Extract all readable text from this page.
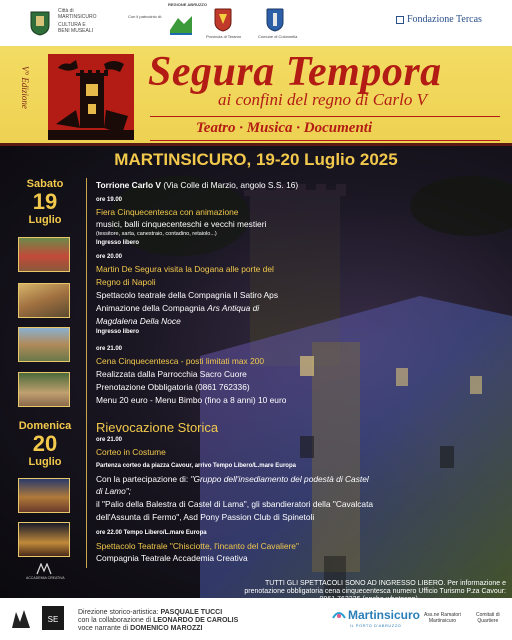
Città di
MARTINSICURO
CULTURA E
BENI MUSEALI
Con il patrocinio di:
REGIONE ABRUZZO
Provincia di Teramo	Comune di Colonnella
Fondazione Tercas
V° Edizione	Segura Tempora
ai confini del regno di Carlo V
Teatro · Musica · Documenti
MARTINSICURO, 19-20 Luglio 2025
Sabato
19
Luglio
Torrione Carlo V (Via Colle di Marzio, angolo S.S. 16)
ore 19.00
Fiera Cinquecentesca con animazione
musici, balli cinquecenteschi e vecchi mestieri
(tessitore, sarta, canestraio, contadino, retaiolo...)
Ingresso libero
ore 20.00
Martin De Segura visita la Dogana alle porte del
Regno di Napoli
Spettacolo teatrale della Compagnia Il Satiro Aps
Animazione della Compagnia Ars Antiqua di
Magdalena Della Noce
Ingresso libero
ore 21.00
Cena Cinquecentesca - posti limitati max 200
Realizzata dalla Parrocchia Sacro Cuore
Prenotazione Obbligatoria (0861 762336)
Menu 20 euro - Menu Bimbo (fino a 8 anni) 10 euro
Domenica
20
Luglio
ACCADEMIA CREATIVA
Rievocazione Storica
ore 21.00
Corteo in Costume
Partenza corteo da piazza Cavour, arrivo Tempo Libero/L.mare Europa
Con la partecipazione di: "Gruppo dell'insediamento del podestà di Castel
di Lamo";
il "Palio della Balestra di Castel di Lama", gli sbandieratori della "Cavalcata
dell'Assunta di Fermo", Asd Pony Passion Club di Spinetoli
ore 22.00 Tempo Libero/L.mare Europa
Spettacolo Teatrale "Chisciotte, l'incanto del Cavaliere"
Compagnia Teatrale Accademia Creativa
TUTTI GLI SPETTACOLI SONO AD INGRESSO LIBERO. Per informazione e
prenotazione obbligatoria cena cinquecentesca numero Ufficio Turismo P.za Cavour:
SE
Direzione storico-artistica: PASQUALE TUCCI
con la collaborazione di LEONARDO DE CAROLIS
voce narrante di DOMENICO MAROZZI
Martinsicuro
IL PORTO D'ABRUZZO
Ass.ne Ramatori
Martinsicuro
Comitati di
Quartiere
